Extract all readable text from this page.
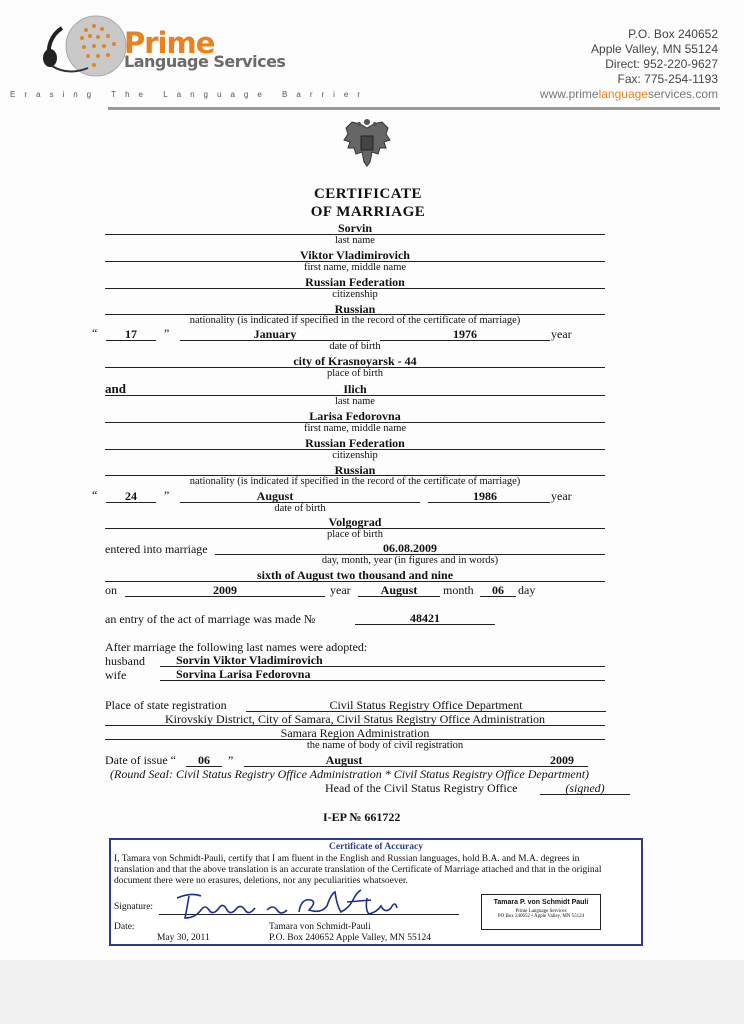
Prime
Language Services
Erasing The Language Barrier
P.O. Box 240652
Apple Valley, MN 55124
Direct: 952-220-9627
Fax: 775-254-1193
www.primelanguageservices.com
CERTIFICATE
OF MARRIAGE
Sorvin
last name
Viktor Vladimirovich
first name, middle name
Russian Federation
citizenship
Russian
nationality (is indicated if specified in the record of the certificate of marriage)
“	17	”	January	1976	year
date of birth
city of Krasnoyarsk - 44
place of birth
and	Ilich
last name
Larisa Fedorovna
first name, middle name
Russian Federation
citizenship
Russian
nationality (is indicated if specified in the record of the certificate of marriage)
“	24	”	August	1986	year
date of birth
Volgograd
place of birth
entered into marriage	06.08.2009
day, month, year (in figures and in words)
sixth of August two thousand and nine
on	2009	year	August	month	06	day
an entry of the act of marriage was made №	48421
After marriage the following last names were adopted:
husband	Sorvin Viktor Vladimirovich
wife	Sorvina Larisa Fedorovna
Place of state registration	Civil Status Registry Office Department
Kirovskiy District, City of Samara, Civil Status Registry Office Administration
Samara Region Administration
the name of body of civil registration
Date of issue “	06	”	August	2009
(Round Seal: Civil Status Registry Office Administration * Civil Status Registry Office Department)
Head of the Civil Status Registry Office	(signed)
I-EP № 661722
Certificate of Accuracy
I, Tamara von Schmidt-Pauli, certify that I am fluent in the English and Russian languages, hold B.A. and M.A. degrees in
translation and that the above translation is an accurate translation of the Certificate of Marriage attached and that in the original
document there were no erasures, deletions, nor any peculiarities whatsoever.
Signature:
Date:
May 30, 2011
Tamara von Schmidt-Pauli
P.O. Box 240652 Apple Valley, MN 55124
Tamara P. von Schmidt Pauli
Prime Language Services
PO Box 240652 • Apple Valley, MN 55124
